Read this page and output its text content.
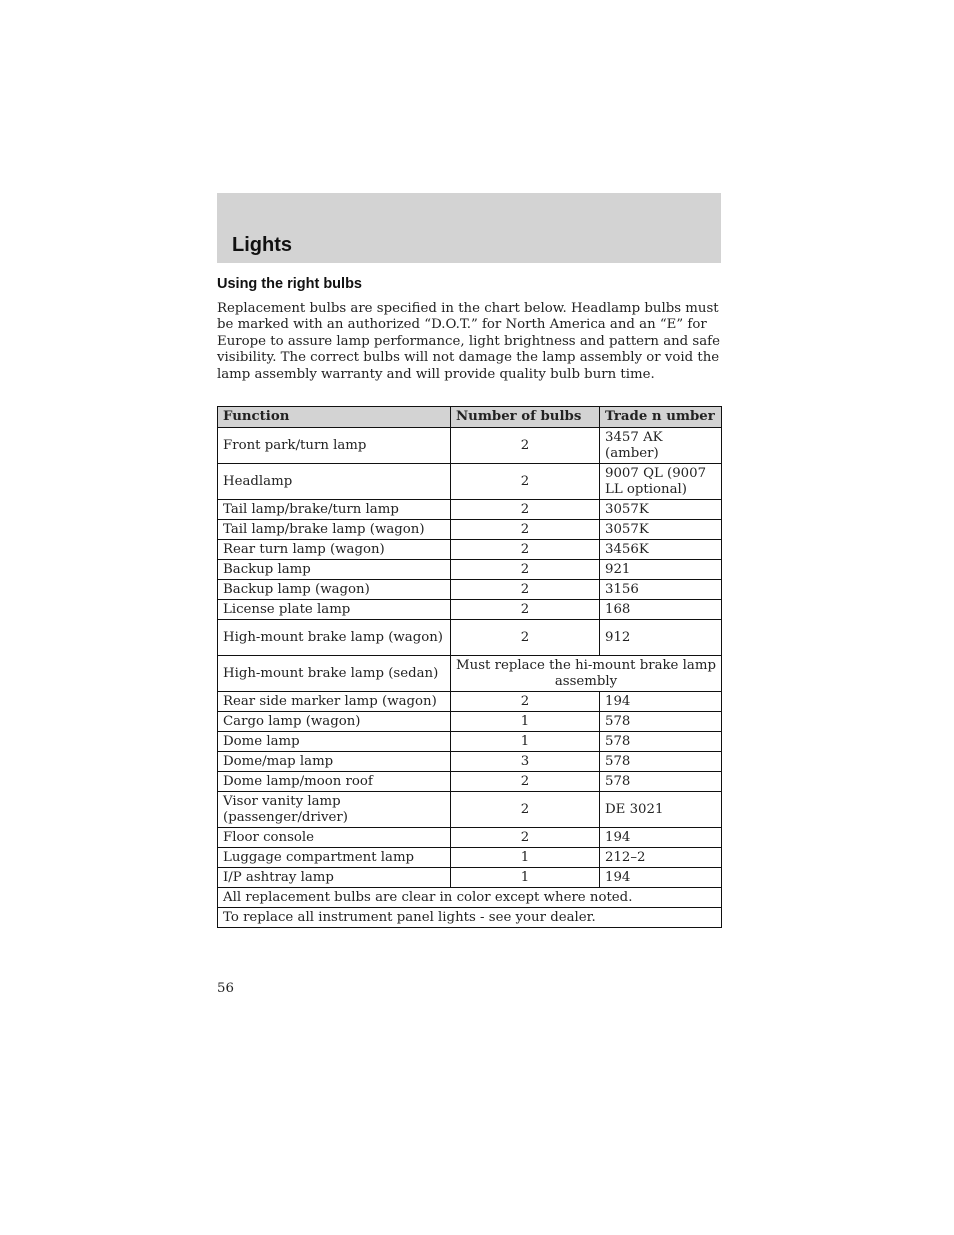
Lights
Using the right bulbs
Replacement bulbs are specified in the chart below. Headlamp bulbs must be marked with an authorized “D.O.T.” for North America and an “E” for Europe to assure lamp performance, light brightness and pattern and safe visibility. The correct bulbs will not damage the lamp assembly or void the lamp assembly warranty and will provide quality bulb burn time.
Function	Number of bulbs	Trade n umber
Front park/turn lamp	2	3457 AK (amber)
Headlamp	2	9007 QL (9007 LL optional)
Tail lamp/brake/turn lamp	2	3057K
Tail lamp/brake lamp (wagon)	2	3057K
Rear turn lamp (wagon)	2	3456K
Backup lamp	2	921
Backup lamp (wagon)	2	3156
License plate lamp	2	168
High-mount brake lamp (wagon)	2	912
High-mount brake lamp (sedan)	Must replace the hi-mount brake lamp assembly	
Rear side marker lamp (wagon)	2	194
Cargo lamp (wagon)	1	578
Dome lamp	1	578
Dome/map lamp	3	578
Dome lamp/moon roof	2	578
Visor vanity lamp (passenger/driver)	2	DE 3021
Floor console	2	194
Luggage compartment lamp	1	212–2
I/P ashtray lamp	1	194
All replacement bulbs are clear in color except where noted.		
To replace all instrument panel lights - see your dealer.		
56
